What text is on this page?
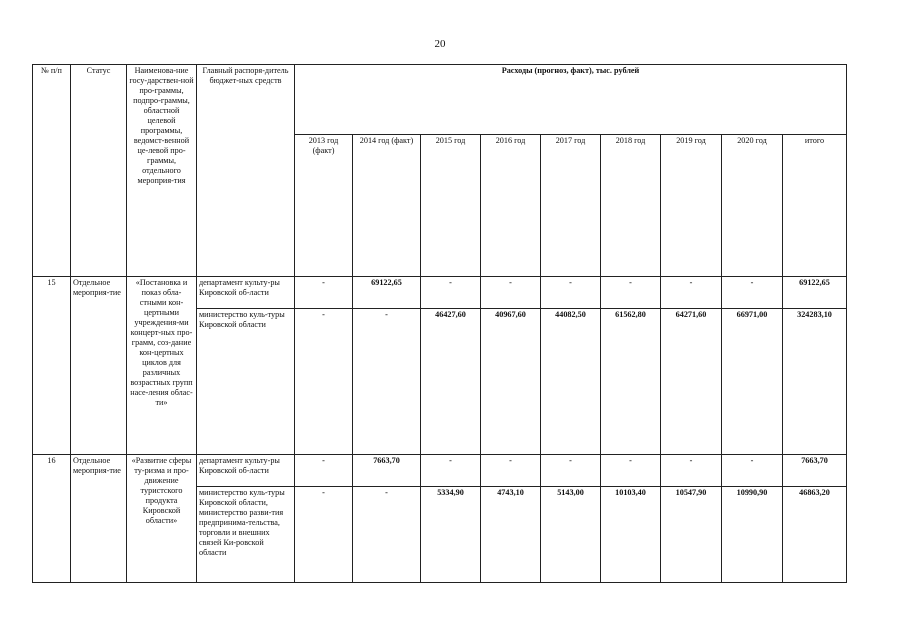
20
№ п/п	Статус	Наименова-ние госу-дарствен-ной про-граммы, подпро-граммы, областной целевой программы, ведомст-венной це-левой про-граммы, отдельного мероприя-тия	Главный распоря-дитель бюджет-ных средств	Расходы (прогноз, факт), тыс. рублей								
				2013 год (факт)	2014 год (факт)	2015 год	2016 год	2017 год	2018 год	2019 год	2020 год	итого
15	Отдельное мероприя-тие	«Постановка и показ обла-стными кон-цертными учреждения-ми концерт-ных про-грамм, соз-дание кон-цертных циклов для различных возрастных групп насе-ления облас-ти»	департамент культу-ры Кировской об-ласти	-	69122,65	-	-	-	-	-	-	69122,65
			министерство куль-туры Кировской области	-	-	46427,60	40967,60	44082,50	61562,80	64271,60	66971,00	324283,10
16	Отдельное мероприя-тие	«Развитие сферы ту-ризма и про-движение туристского продукта Кировской области»	департамент культу-ры Кировской об-ласти	-	7663,70	-	-	-	-	-	-	7663,70
			министерство куль-туры Кировской области, министерство разви-тия предпринима-тельства, торговли и внешних связей Ки-ровской области	-	-	5334,90	4743,10	5143,00	10103,40	10547,90	10990,90	46863,20
